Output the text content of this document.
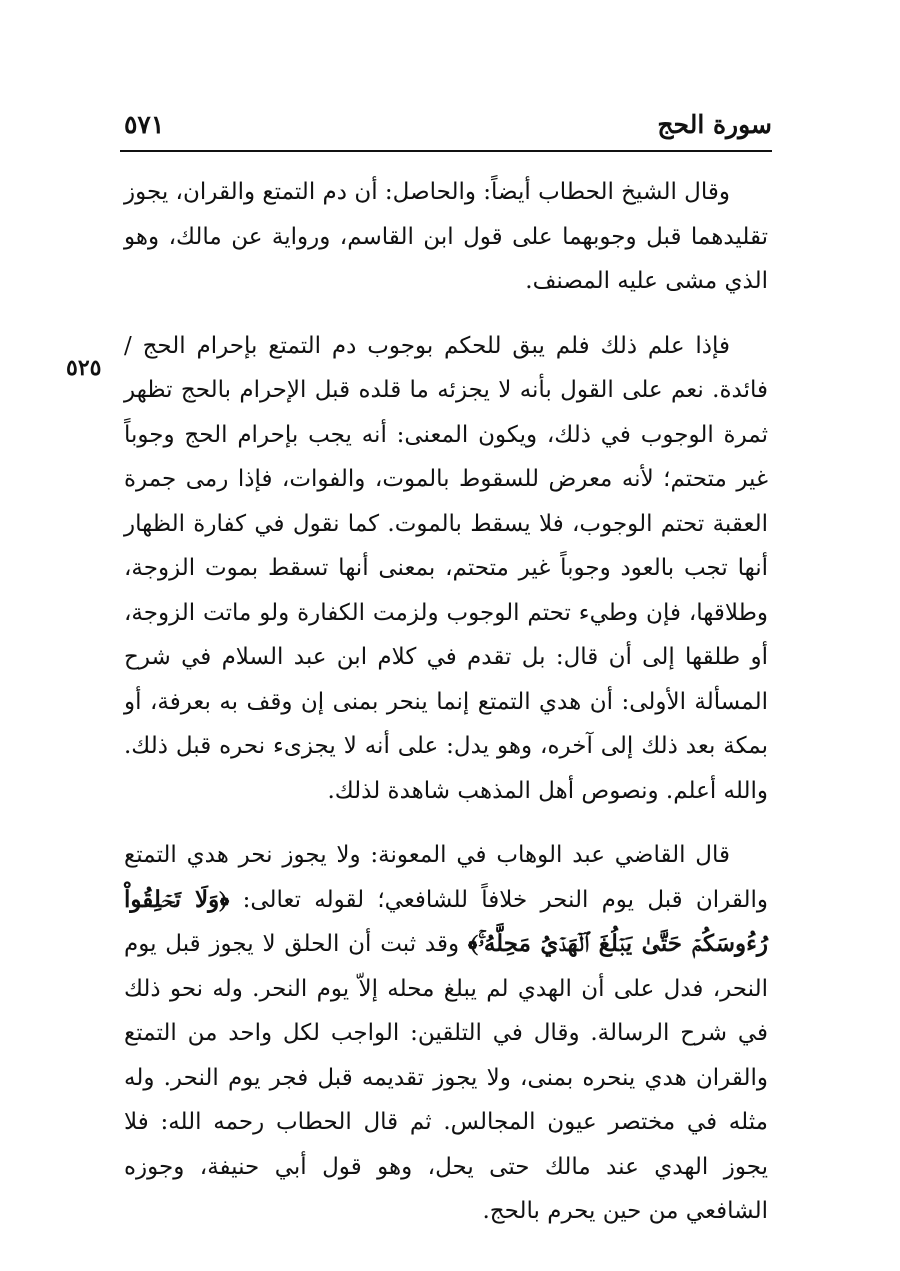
سورة الحج
٥٧١
٥٢٥

وقال الشيخ الحطاب أيضاً: والحاصل: أن دم التمتع والقران، يجوز تقليدهما قبل وجوبهما على قول ابن القاسم، ورواية عن مالك، وهو الذي مشى عليه المصنف.

فإذا علم ذلك فلم يبق للحكم بوجوب دم التمتع بإحرام الحج / فائدة. نعم على القول بأنه لا يجزئه ما قلده قبل الإحرام بالحج تظهر ثمرة الوجوب في ذلك، ويكون المعنى: أنه يجب بإحرام الحج وجوباً غير متحتم؛ لأنه معرض للسقوط بالموت، والفوات، فإذا رمى جمرة العقبة تحتم الوجوب، فلا يسقط بالموت. كما نقول في كفارة الظهار أنها تجب بالعود وجوباً غير متحتم، بمعنى أنها تسقط بموت الزوجة، وطلاقها، فإن وطيء تحتم الوجوب ولزمت الكفارة ولو ماتت الزوجة، أو طلقها إلى أن قال: بل تقدم في كلام ابن عبد السلام في شرح المسألة الأولى: أن هدي التمتع إنما ينحر بمنى إن وقف به بعرفة، أو بمكة بعد ذلك إلى آخره، وهو يدل: على أنه لا يجزىء نحره قبل ذلك. والله أعلم. ونصوص أهل المذهب شاهدة لذلك.

قال القاضي عبد الوهاب في المعونة: ولا يجوز نحر هدي التمتع والقران قبل يوم النحر خلافاً للشافعي؛ لقوله تعالى: ﴿وَلَا تَحۡلِقُواْ رُءُوسَكُمۡ حَتَّىٰ يَبۡلُغَ ٱلۡهَدۡيُ مَحِلَّهُۥۚ﴾ وقد ثبت أن الحلق لا يجوز قبل يوم النحر، فدل على أن الهدي لم يبلغ محله إلاّ يوم النحر. وله نحو ذلك في شرح الرسالة. وقال في التلقين: الواجب لكل واحد من التمتع والقران هدي ينحره بمنى، ولا يجوز تقديمه قبل فجر يوم النحر. وله مثله في مختصر عيون المجالس. ثم قال الحطاب رحمه الله: فلا يجوز الهدي عند مالك حتى يحل، وهو قول أبي حنيفة، وجوزه الشافعي من حين يحرم بالحج.
